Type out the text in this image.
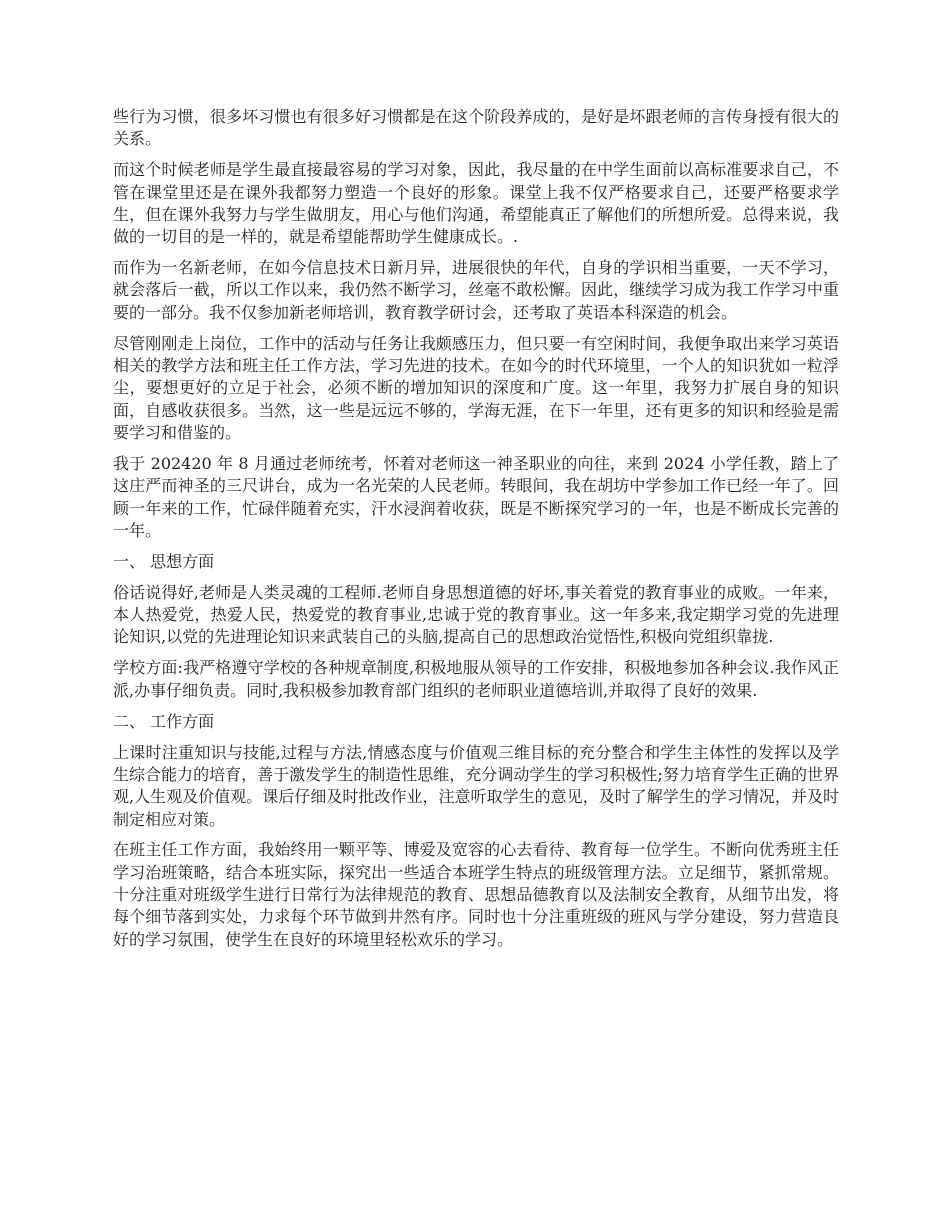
些行为习惯，很多坏习惯也有很多好习惯都是在这个阶段养成的，是好是坏跟老师的言传身授有很大的关系。

而这个时候老师是学生最直接最容易的学习对象，因此，我尽量的在中学生面前以高标准要求自己，不管在课堂里还是在课外我都努力塑造一个良好的形象。课堂上我不仅严格要求自己，还要严格要求学生，但在课外我努力与学生做朋友，用心与他们沟通，希望能真正了解他们的所想所爱。总得来说，我做的一切目的是一样的，就是希望能帮助学生健康成长。.

而作为一名新老师，在如今信息技术日新月异，进展很快的年代，自身的学识相当重要，一天不学习，就会落后一截，所以工作以来，我仍然不断学习，丝毫不敢松懈。因此，继续学习成为我工作学习中重要的一部分。我不仅参加新老师培训，教育教学研讨会，还考取了英语本科深造的机会。

尽管刚刚走上岗位，工作中的活动与任务让我颇感压力，但只要一有空闲时间，我便争取出来学习英语相关的教学方法和班主任工作方法，学习先进的技术。在如今的时代环境里，一个人的知识犹如一粒浮尘，要想更好的立足于社会，必须不断的增加知识的深度和广度。这一年里，我努力扩展自身的知识面，自感收获很多。当然，这一些是远远不够的，学海无涯，在下一年里，还有更多的知识和经验是需要学习和借鉴的。

我于 202420 年 8 月通过老师统考，怀着对老师这一神圣职业的向往，来到 2024 小学任教，踏上了这庄严而神圣的三尺讲台，成为一名光荣的人民老师。转眼间，我在胡坊中学参加工作已经一年了。回顾一年来的工作，忙碌伴随着充实，汗水浸润着收获，既是不断探究学习的一年，也是不断成长完善的一年。

一、 思想方面

俗话说得好,老师是人类灵魂的工程师.老师自身思想道德的好坏,事关着党的教育事业的成败。一年来，本人热爱党，热爱人民，热爱党的教育事业,忠诚于党的教育事业。这一年多来,我定期学习党的先进理论知识,以党的先进理论知识来武装自己的头脑,提高自己的思想政治觉悟性,积极向党组织靠拢.

学校方面:我严格遵守学校的各种规章制度,积极地服从领导的工作安排，积极地参加各种会议.我作风正派,办事仔细负责。同时,我积极参加教育部门组织的老师职业道德培训,并取得了良好的效果.

二、 工作方面

上课时注重知识与技能,过程与方法,情感态度与价值观三维目标的充分整合和学生主体性的发挥以及学生综合能力的培育，善于激发学生的制造性思维，充分调动学生的学习积极性;努力培育学生正确的世界观,人生观及价值观。课后仔细及时批改作业，注意听取学生的意见，及时了解学生的学习情况，并及时制定相应对策。

在班主任工作方面，我始终用一颗平等、博爱及宽容的心去看待、教育每一位学生。不断向优秀班主任学习治班策略，结合本班实际，探究出一些适合本班学生特点的班级管理方法。立足细节，紧抓常规。十分注重对班级学生进行日常行为法律规范的教育、思想品德教育以及法制安全教育，从细节出发，将每个细节落到实处，力求每个环节做到井然有序。同时也十分注重班级的班风与学分建设，努力营造良好的学习氛围，使学生在良好的环境里轻松欢乐的学习。
